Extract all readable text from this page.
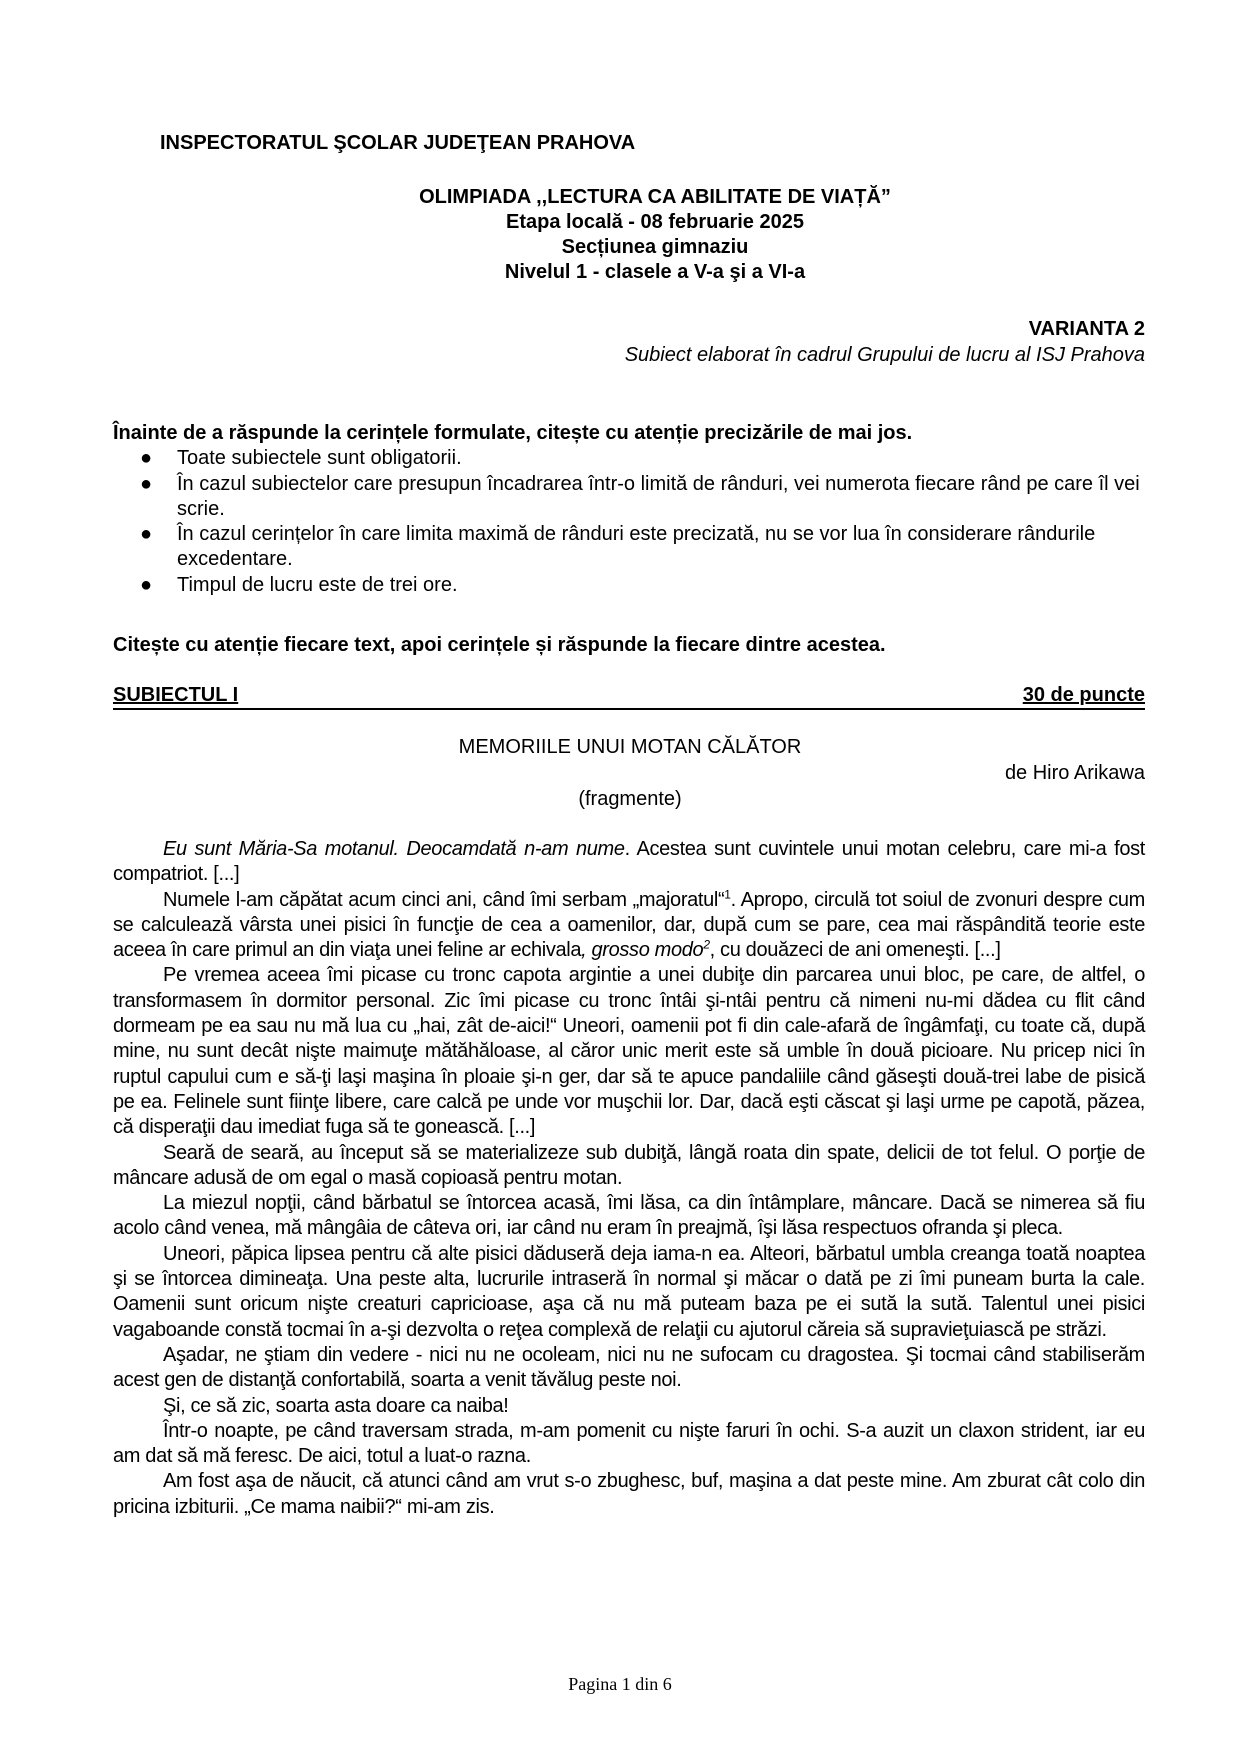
INSPECTORATUL ŞCOLAR JUDEŢEAN PRAHOVA
OLIMPIADA ,,LECTURA CA ABILITATE DE VIAȚĂ”
Etapa locală - 08 februarie 2025
Secțiunea gimnaziu
Nivelul 1 - clasele a V-a şi a VI-a
VARIANTA 2
Subiect elaborat în cadrul Grupului de lucru al ISJ Prahova
Înainte de a răspunde la cerințele formulate, citește cu atenție precizările de mai jos.
● Toate subiectele sunt obligatorii.
● În cazul subiectelor care presupun încadrarea într-o limită de rânduri, vei numerota fiecare rând pe care îl vei scrie.
● În cazul cerințelor în care limita maximă de rânduri este precizată, nu se vor lua în considerare rândurile excedentare.
● Timpul de lucru este de trei ore.
Citește cu atenție fiecare text, apoi cerințele și răspunde la fiecare dintre acestea.
SUBIECTUL I	30 de puncte
MEMORIILE UNUI MOTAN CĂLĂTOR
de Hiro Arikawa
(fragmente)

Eu sunt Măria-Sa motanul. Deocamdată n-am nume. Acestea sunt cuvintele unui motan celebru, care mi-a fost compatriot. [...]

Numele l-am căpătat acum cinci ani, când îmi serbam „majoratul“$^1$. Apropo, circulă tot soiul de zvonuri despre cum se calculează vârsta unei pisici în funcţie de cea a oamenilor, dar, după cum se pare, cea mai răspândită teorie este aceea în care primul an din viaţa unei feline ar echivala, grosso modo$^2$, cu douăzeci de ani omeneşti. [...]

Pe vremea aceea îmi picase cu tronc capota argintie a unei dubiţe din parcarea unui bloc, pe care, de altfel, o transformasem în dormitor personal. Zic îmi picase cu tronc întâi şi-ntâi pentru că nimeni nu-mi dădea cu flit când dormeam pe ea sau nu mă lua cu „hai, zât de-aici!“ Uneori, oamenii pot fi din cale-afară de îngâmfaţi, cu toate că, după mine, nu sunt decât nişte maimuţe mătăhăloase, al căror unic merit este să umble în două picioare. Nu pricep nici în ruptul capului cum e să-ţi laşi maşina în ploaie şi-n ger, dar să te apuce pandaliile când găseşti două-trei labe de pisică pe ea. Felinele sunt fiinţe libere, care calcă pe unde vor muşchii lor. Dar, dacă eşti căscat şi laşi urme pe capotă, păzea, că disperaţii dau imediat fuga să te gonească. [...]

Seară de seară, au început să se materializeze sub dubiţă, lângă roata din spate, delicii de tot felul. O porţie de mâncare adusă de om egal o masă copioasă pentru motan.

La miezul nopţii, când bărbatul se întorcea acasă, îmi lăsa, ca din întâmplare, mâncare. Dacă se nimerea să fiu acolo când venea, mă mângâia de câteva ori, iar când nu eram în preajmă, îşi lăsa respectuos ofranda şi pleca.

Uneori, păpica lipsea pentru că alte pisici dăduseră deja iama-n ea. Alteori, bărbatul umbla creanga toată noaptea şi se întorcea dimineaţa. Una peste alta, lucrurile intraseră în normal şi măcar o dată pe zi îmi puneam burta la cale. Oamenii sunt oricum nişte creaturi capricioase, aşa că nu mă puteam baza pe ei sută la sută. Talentul unei pisici vagaboande constă tocmai în a-şi dezvolta o reţea complexă de relaţii cu ajutorul căreia să supravieţuiască pe străzi.

Aşadar, ne ştiam din vedere - nici nu ne ocoleam, nici nu ne sufocam cu dragostea. Şi tocmai când stabiliserăm acest gen de distanţă confortabilă, soarta a venit tăvălug peste noi.

Şi, ce să zic, soarta asta doare ca naiba!

Într-o noapte, pe când traversam strada, m-am pomenit cu nişte faruri în ochi. S-a auzit un claxon strident, iar eu am dat să mă feresc. De aici, totul a luat-o razna.

Am fost aşa de năucit, că atunci când am vrut s-o zbughesc, buf, maşina a dat peste mine. Am zburat cât colo din pricina izbiturii. „Ce mama naibii?“ mi-am zis.

Pagina 1 din 6
